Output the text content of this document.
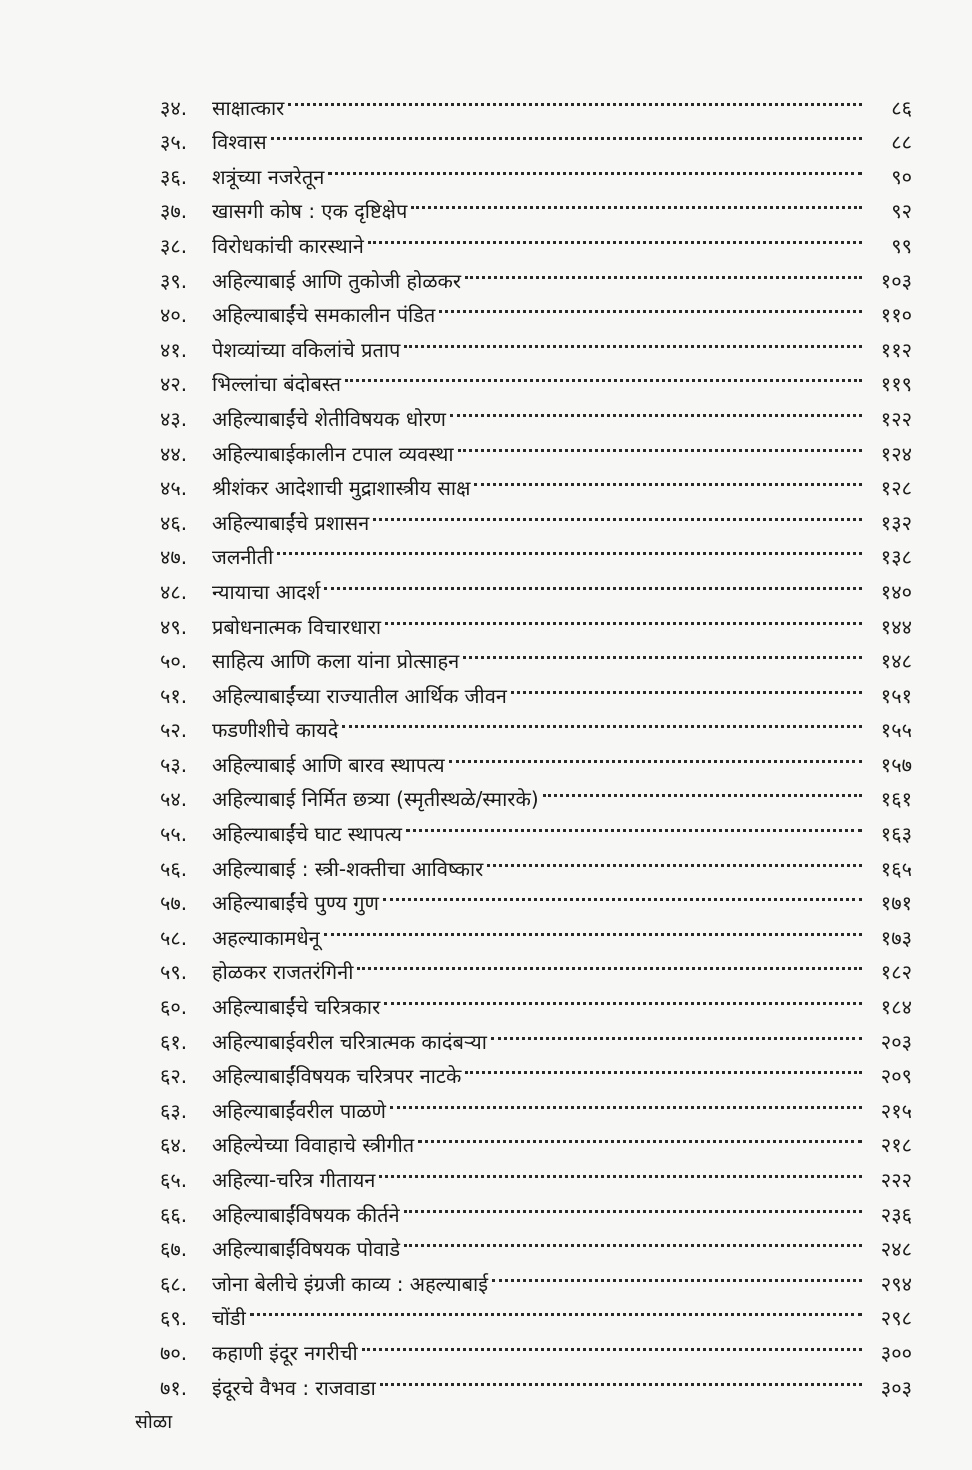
३४.	साक्षात्कार	८६
३५.	विश्वास	८८
३६.	शत्रूंच्या नजरेतून	९०
३७.	खासगी कोष : एक दृष्टिक्षेप	९२
३८.	विरोधकांची कारस्थाने	९९
३९.	अहिल्याबाई आणि तुकोजी होळकर	१०३
४०.	अहिल्याबाईंचे समकालीन पंडित	११०
४१.	पेशव्यांच्या वकिलांचे प्रताप	११२
४२.	भिल्लांचा बंदोबस्त	११९
४३.	अहिल्याबाईंचे शेतीविषयक धोरण	१२२
४४.	अहिल्याबाईकालीन टपाल व्यवस्था	१२४
४५.	श्रीशंकर आदेशाची मुद्राशास्त्रीय साक्ष	१२८
४६.	अहिल्याबाईंचे प्रशासन	१३२
४७.	जलनीती	१३८
४८.	न्यायाचा आदर्श	१४०
४९.	प्रबोधनात्मक विचारधारा	१४४
५०.	साहित्य आणि कला यांना प्रोत्साहन	१४८
५१.	अहिल्याबाईंच्या राज्यातील आर्थिक जीवन	१५१
५२.	फडणीशीचे कायदे	१५५
५३.	अहिल्याबाई आणि बारव स्थापत्य	१५७
५४.	अहिल्याबाई निर्मित छत्र्या (स्मृतीस्थळे/स्मारके)	१६१
५५.	अहिल्याबाईंचे घाट स्थापत्य	१६३
५६.	अहिल्याबाई : स्त्री-शक्तीचा आविष्कार	१६५
५७.	अहिल्याबाईंचे पुण्य गुण	१७१
५८.	अहल्याकामधेनू	१७३
५९.	होळकर राजतरंगिनी	१८२
६०.	अहिल्याबाईंचे चरित्रकार	१८४
६१.	अहिल्याबाईवरील चरित्रात्मक कादंबऱ्या	२०३
६२.	अहिल्याबाईंविषयक चरित्रपर नाटके	२०९
६३.	अहिल्याबाईंवरील पाळणे	२१५
६४.	अहिल्येच्या विवाहाचे स्त्रीगीत	२१८
६५.	अहिल्या-चरित्र गीतायन	२२२
६६.	अहिल्याबाईंविषयक कीर्तने	२३६
६७.	अहिल्याबाईंविषयक पोवाडे	२४८
६८.	जोना बेलीचे इंग्रजी काव्य : अहल्याबाई	२९४
६९.	चोंडी	२९८
७०.	कहाणी इंदूर नगरीची	३००
७१.	इंदूरचे वैभव : राजवाडा	३०३
सोळा
